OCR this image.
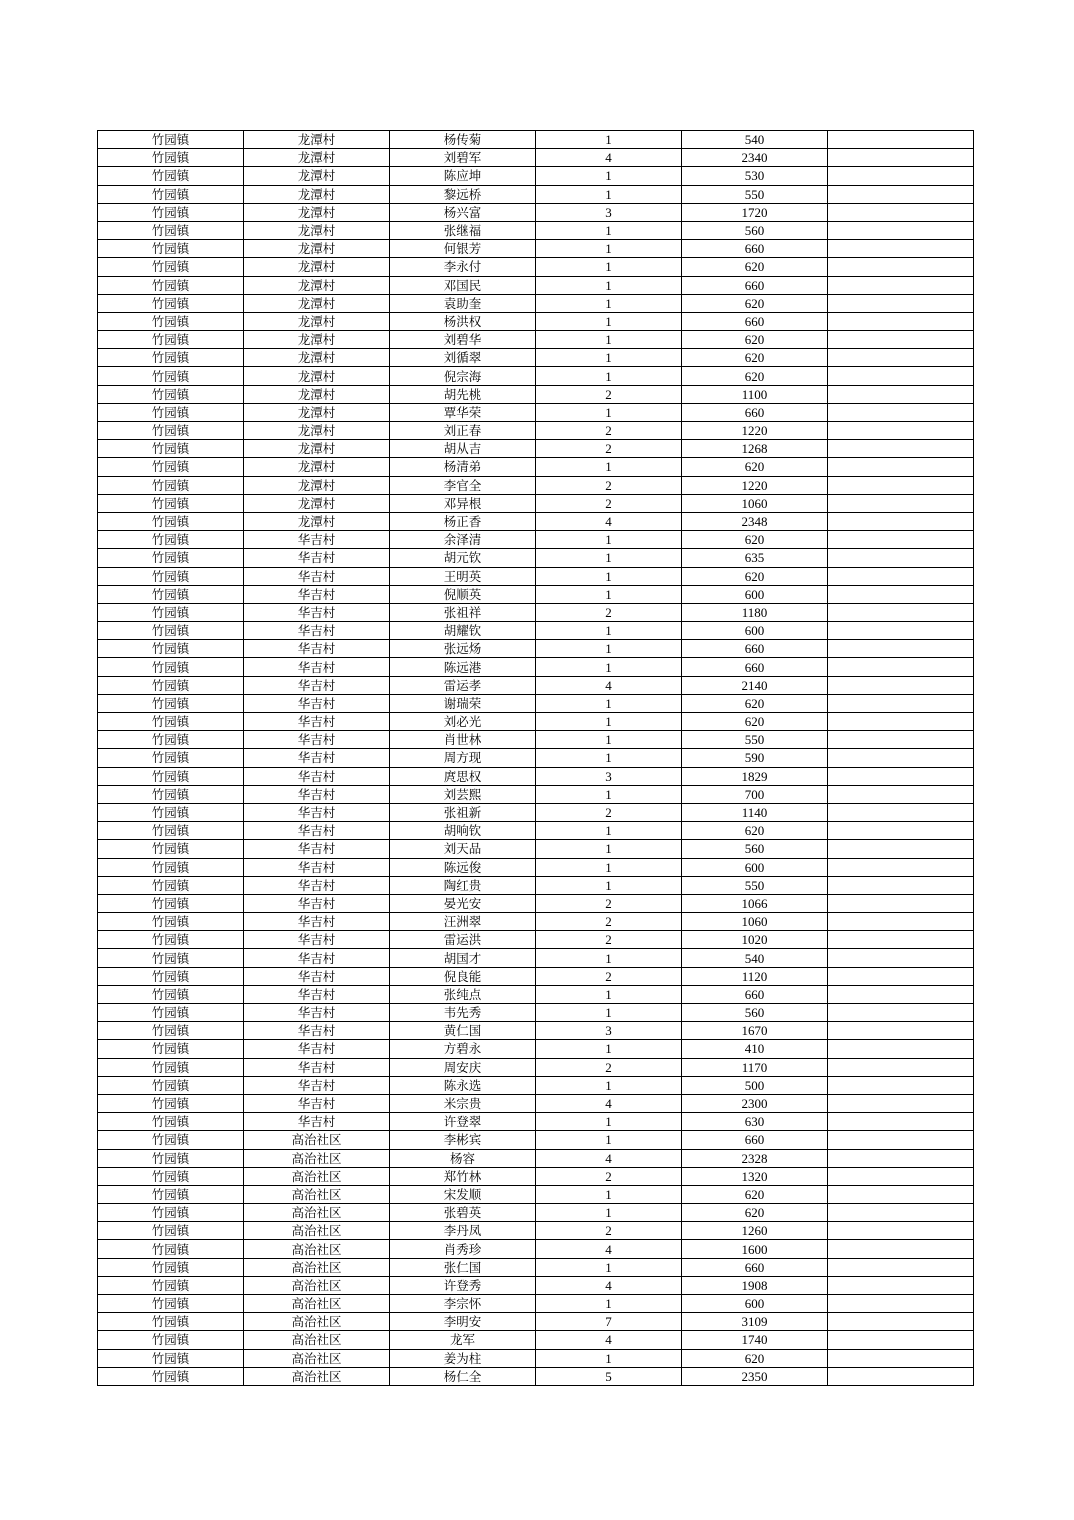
竹园镇	龙潭村	杨传菊	1	540	
竹园镇	龙潭村	刘碧军	4	2340	
竹园镇	龙潭村	陈应坤	1	530	
竹园镇	龙潭村	黎远桥	1	550	
竹园镇	龙潭村	杨兴富	3	1720	
竹园镇	龙潭村	张继福	1	560	
竹园镇	龙潭村	何银芳	1	660	
竹园镇	龙潭村	李永付	1	620	
竹园镇	龙潭村	邓国民	1	660	
竹园镇	龙潭村	袁助奎	1	620	
竹园镇	龙潭村	杨洪权	1	660	
竹园镇	龙潭村	刘碧华	1	620	
竹园镇	龙潭村	刘循翠	1	620	
竹园镇	龙潭村	倪宗海	1	620	
竹园镇	龙潭村	胡先桃	2	1100	
竹园镇	龙潭村	覃华荣	1	660	
竹园镇	龙潭村	刘正春	2	1220	
竹园镇	龙潭村	胡从吉	2	1268	
竹园镇	龙潭村	杨清弟	1	620	
竹园镇	龙潭村	李官全	2	1220	
竹园镇	龙潭村	邓异根	2	1060	
竹园镇	龙潭村	杨正香	4	2348	
竹园镇	华吉村	余泽清	1	620	
竹园镇	华吉村	胡元钦	1	635	
竹园镇	华吉村	王明英	1	620	
竹园镇	华吉村	倪顺英	1	600	
竹园镇	华吉村	张祖祥	2	1180	
竹园镇	华吉村	胡耀钦	1	600	
竹园镇	华吉村	张远炀	1	660	
竹园镇	华吉村	陈远港	1	660	
竹园镇	华吉村	雷运孝	4	2140	
竹园镇	华吉村	谢瑞荣	1	620	
竹园镇	华吉村	刘必光	1	620	
竹园镇	华吉村	肖世林	1	550	
竹园镇	华吉村	周方现	1	590	
竹园镇	华吉村	庹思权	3	1829	
竹园镇	华吉村	刘芸熙	1	700	
竹园镇	华吉村	张祖新	2	1140	
竹园镇	华吉村	胡响钦	1	620	
竹园镇	华吉村	刘天品	1	560	
竹园镇	华吉村	陈远俊	1	600	
竹园镇	华吉村	陶红贵	1	550	
竹园镇	华吉村	晏光安	2	1066	
竹园镇	华吉村	汪洲翠	2	1060	
竹园镇	华吉村	雷运洪	2	1020	
竹园镇	华吉村	胡国才	1	540	
竹园镇	华吉村	倪良能	2	1120	
竹园镇	华吉村	张纯点	1	660	
竹园镇	华吉村	韦先秀	1	560	
竹园镇	华吉村	黄仁国	3	1670	
竹园镇	华吉村	方碧永	1	410	
竹园镇	华吉村	周安庆	2	1170	
竹园镇	华吉村	陈永选	1	500	
竹园镇	华吉村	米宗贵	4	2300	
竹园镇	华吉村	许登翠	1	630	
竹园镇	高治社区	李彬宾	1	660	
竹园镇	高治社区	杨容	4	2328	
竹园镇	高治社区	郑竹林	2	1320	
竹园镇	高治社区	宋发顺	1	620	
竹园镇	高治社区	张碧英	1	620	
竹园镇	高治社区	李丹凤	2	1260	
竹园镇	高治社区	肖秀珍	4	1600	
竹园镇	高治社区	张仁国	1	660	
竹园镇	高治社区	许登秀	4	1908	
竹园镇	高治社区	李宗怀	1	600	
竹园镇	高治社区	李明安	7	3109	
竹园镇	高治社区	龙军	4	1740	
竹园镇	高治社区	姜为柱	1	620	
竹园镇	高治社区	杨仁全	5	2350	
